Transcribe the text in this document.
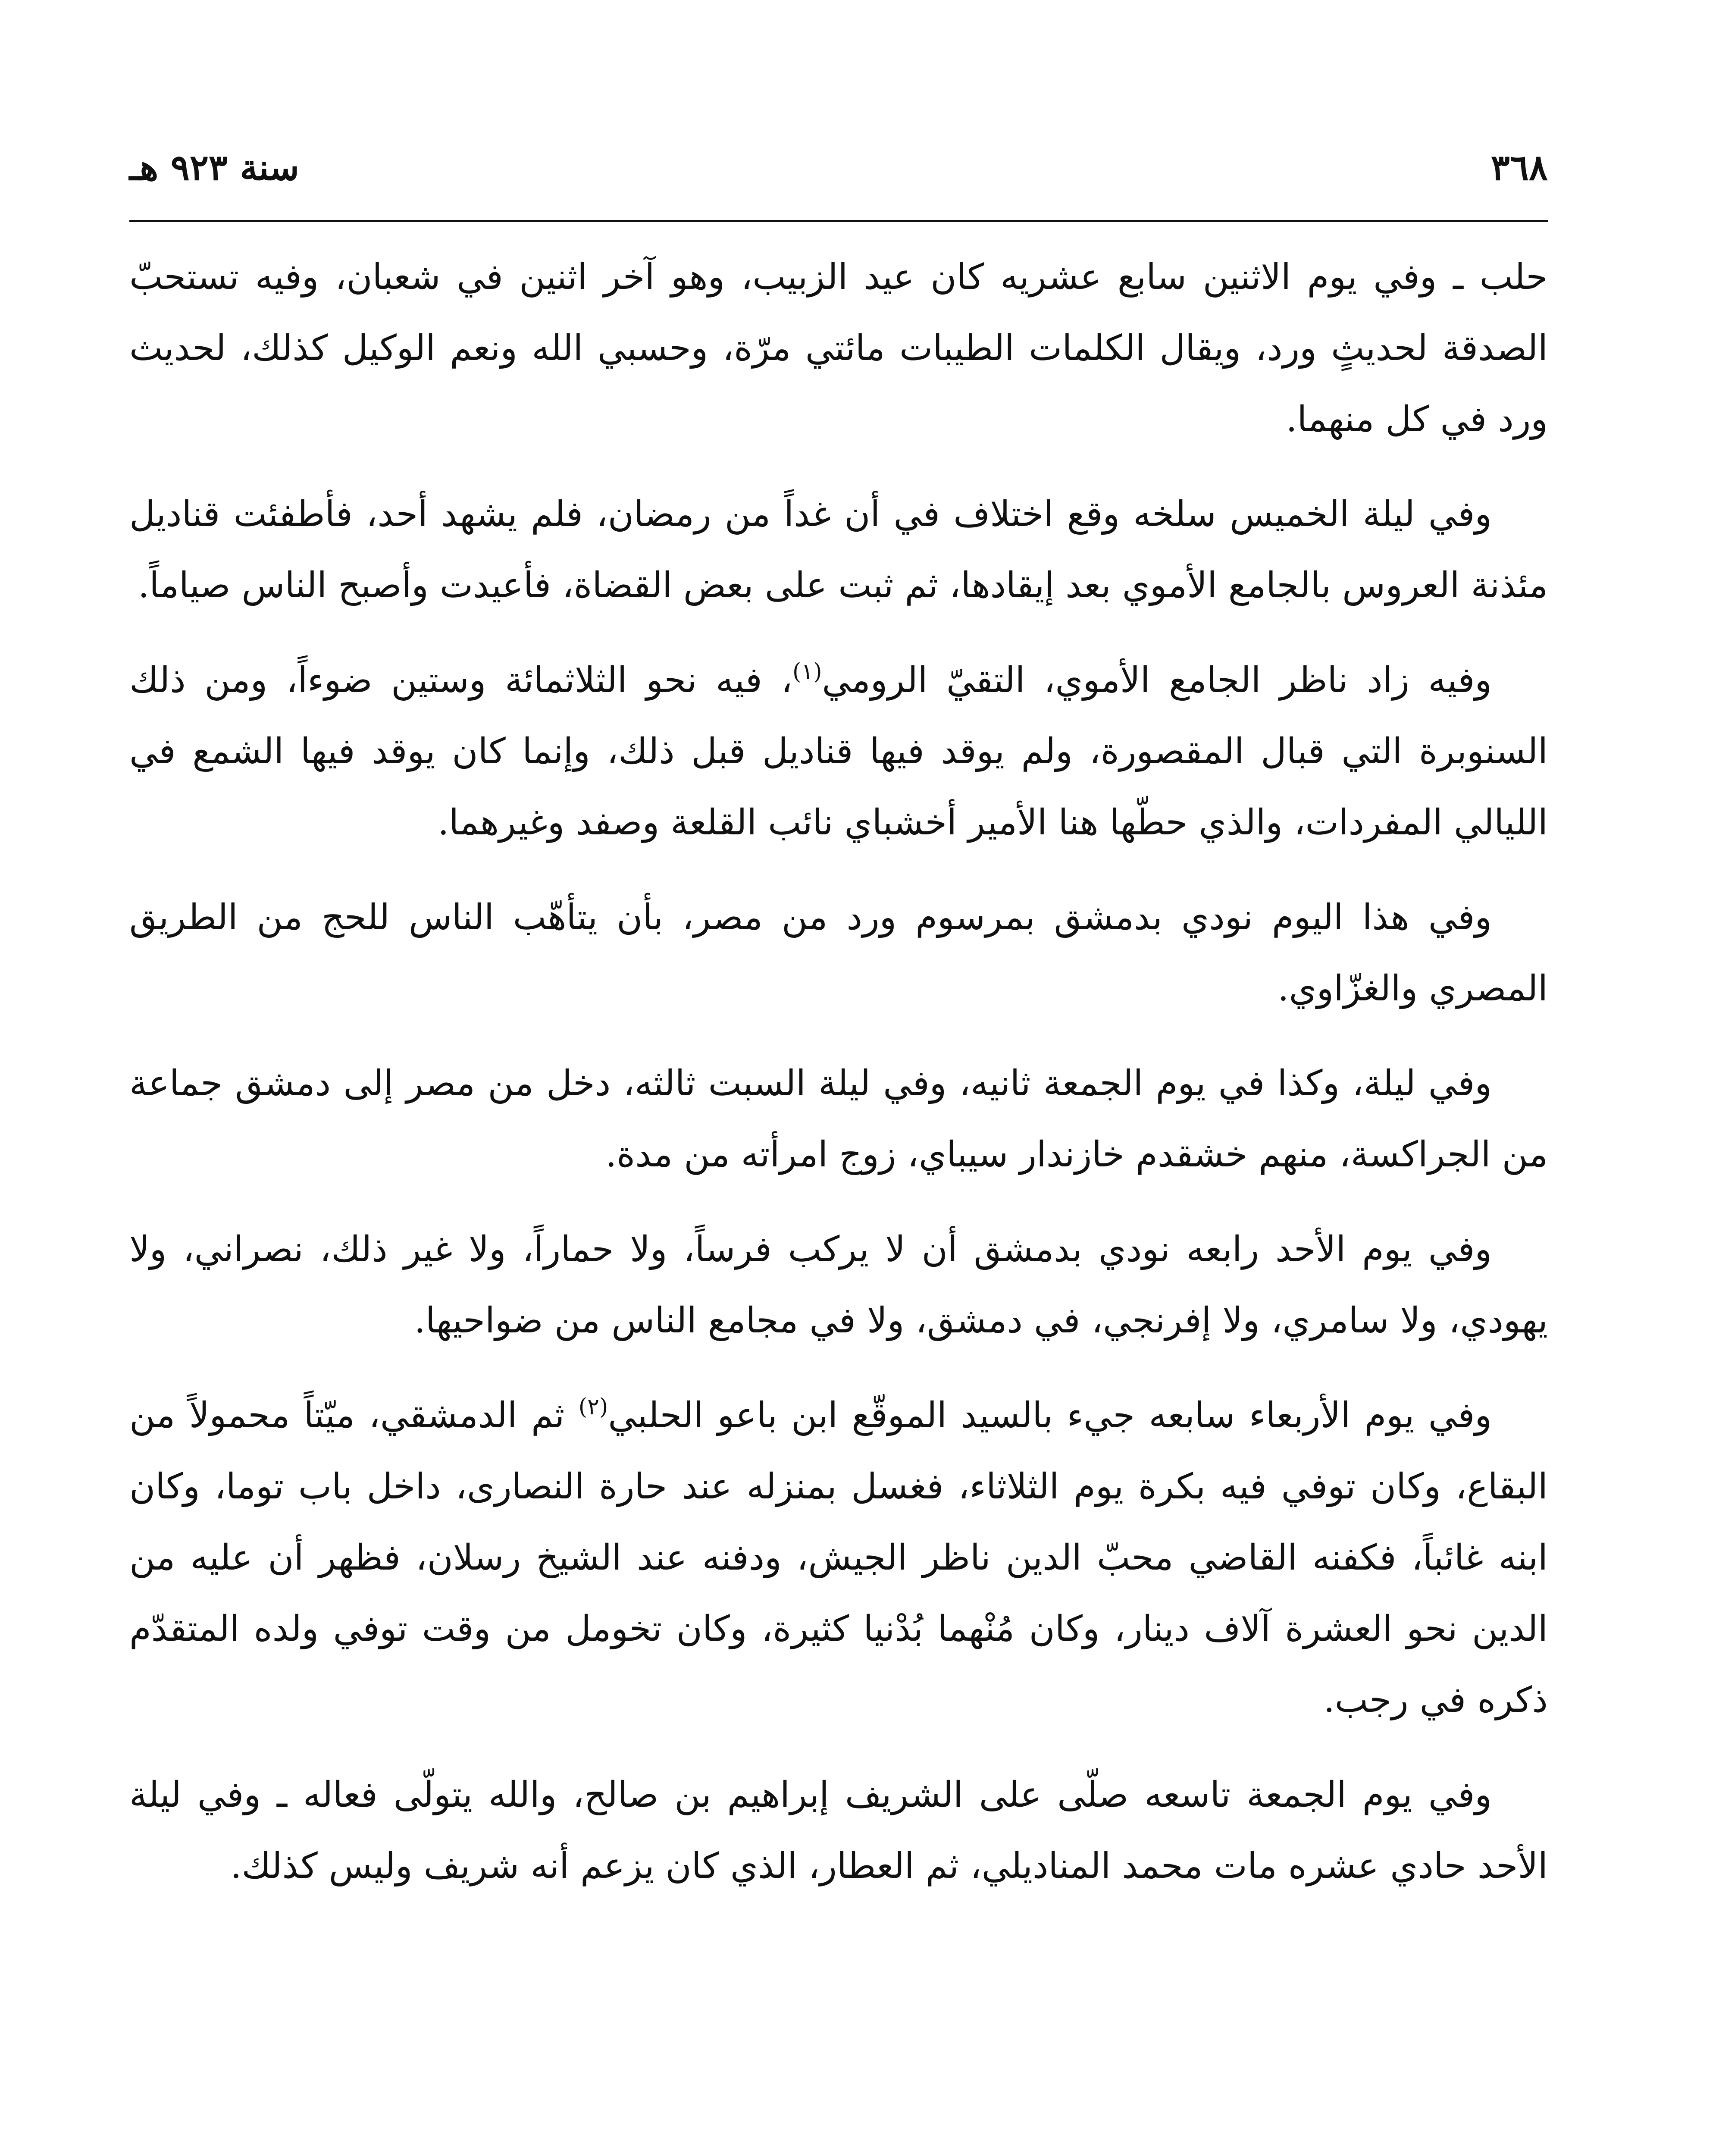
٣٦٨
سنة ٩٢٣ هـ

حلب ـ وفي يوم الاثنين سابع عشريه كان عيد الزبيب، وهو آخر اثنين في شعبان، وفيه تستحبّ الصدقة لحديثٍ ورد، ويقال الكلمات الطيبات مائتي مرّة، وحسبي الله ونعم الوكيل كذلك، لحديث ورد في كل منهما.

وفي ليلة الخميس سلخه وقع اختلاف في أن غداً من رمضان، فلم يشهد أحد، فأطفئت قناديل مئذنة العروس بالجامع الأموي بعد إيقادها، ثم ثبت على بعض القضاة، فأعيدت وأصبح الناس صياماً.

وفيه زاد ناظر الجامع الأموي، التقيّ الرومي$^{(١)}$، فيه نحو الثلاثمائة وستين ضوءاً، ومن ذلك السنوبرة التي قبال المقصورة، ولم يوقد فيها قناديل قبل ذلك، وإنما كان يوقد فيها الشمع في الليالي المفردات، والذي حطّها هنا الأمير أخشباي نائب القلعة وصفد وغيرهما.

وفي هذا اليوم نودي بدمشق بمرسوم ورد من مصر، بأن يتأهّب الناس للحج من الطريق المصري والغزّاوي.

وفي ليلة، وكذا في يوم الجمعة ثانيه، وفي ليلة السبت ثالثه، دخل من مصر إلى دمشق جماعة من الجراكسة، منهم خشقدم خازندار سيباي، زوج امرأته من مدة.

وفي يوم الأحد رابعه نودي بدمشق أن لا يركب فرساً، ولا حماراً، ولا غير ذلك، نصراني، ولا يهودي، ولا سامري، ولا إفرنجي، في دمشق، ولا في مجامع الناس من ضواحيها.

وفي يوم الأربعاء سابعه جيء بالسيد الموقّع ابن باعو الحلبي$^{(٢)}$ ثم الدمشقي، ميّتاً محمولاً من البقاع، وكان توفي فيه بكرة يوم الثلاثاء، فغسل بمنزله عند حارة النصارى، داخل باب توما، وكان ابنه غائباً، فكفنه القاضي محبّ الدين ناظر الجيش، ودفنه عند الشيخ رسلان، فظهر أن عليه من الدين نحو العشرة آلاف دينار، وكان مُنْهما بُدْنيا كثيرة، وكان تخومل من وقت توفي ولده المتقدّم ذكره في رجب.

وفي يوم الجمعة تاسعه صلّى على الشريف إبراهيم بن صالح، والله يتولّى فعاله ـ وفي ليلة الأحد حادي عشره مات محمد المناديلي، ثم العطار، الذي كان يزعم أنه شريف وليس كذلك.
